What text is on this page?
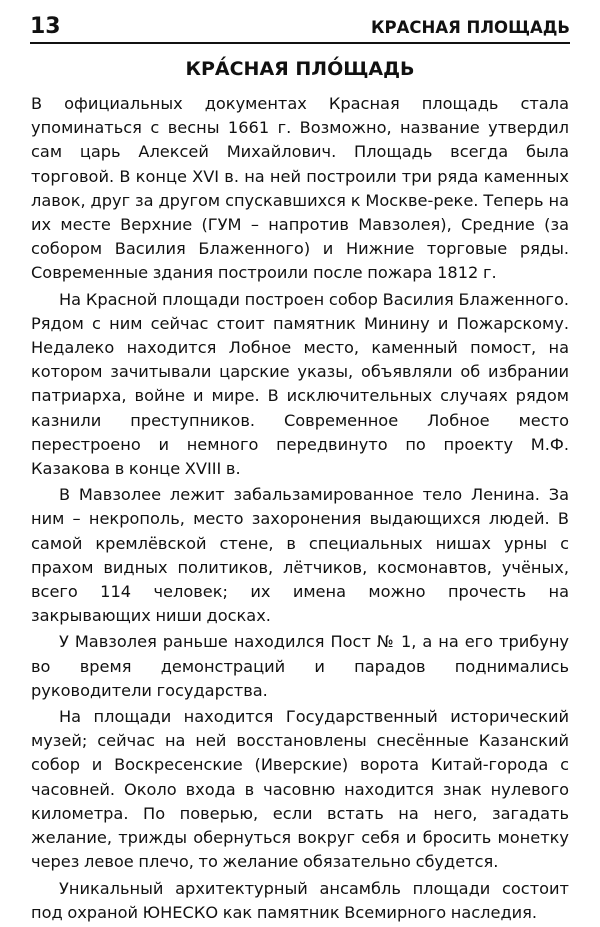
13	КРАСНАЯ ПЛОЩАДЬ
КРА́СНАЯ ПЛО́ЩАДЬ

В официальных документах Красная площадь стала упоминаться с весны 1661 г. Возможно, название утвердил сам царь Алексей Михайлович. Площадь всегда была торговой. В конце XVI в. на ней построили три ряда каменных лавок, друг за другом спускавшихся к Москве-реке. Теперь на их месте Верхние (ГУМ – напротив Мавзолея), Средние (за собором Василия Блаженного) и Нижние торговые ряды. Современные здания построили после пожара 1812 г.

На Красной площади построен собор Василия Блаженного. Рядом с ним сейчас стоит памятник Минину и Пожарскому. Недалеко находится Лобное место, каменный помост, на котором зачитывали царские указы, объявляли об избрании патриарха, войне и мире. В исключительных случаях рядом казнили преступников. Современное Лобное место перестроено и немного передвинуто по проекту М.Ф. Казакова в конце XVIII в.

В Мавзолее лежит забальзамированное тело Ленина. За ним – некрополь, место захоронения выдающихся людей. В самой кремлёвской стене, в специальных нишах урны с прахом видных политиков, лётчиков, космонавтов, учёных, всего 114 человек; их имена можно прочесть на закрывающих ниши досках.

У Мавзолея раньше находился Пост № 1, а на его трибуну во время демонстраций и парадов поднимались руководители государства.

На площади находится Государственный исторический музей; сейчас на ней восстановлены снесённые Казанский собор и Воскресенские (Иверские) ворота Китай-города с часовней. Около входа в часовню находится знак нулевого километра. По поверью, если встать на него, загадать желание, трижды обернуться вокруг себя и бросить монетку через левое плечо, то желание обязательно сбудется.

Уникальный архитектурный ансамбль площади состоит под охраной ЮНЕСКО как памятник Всемирного наследия.
